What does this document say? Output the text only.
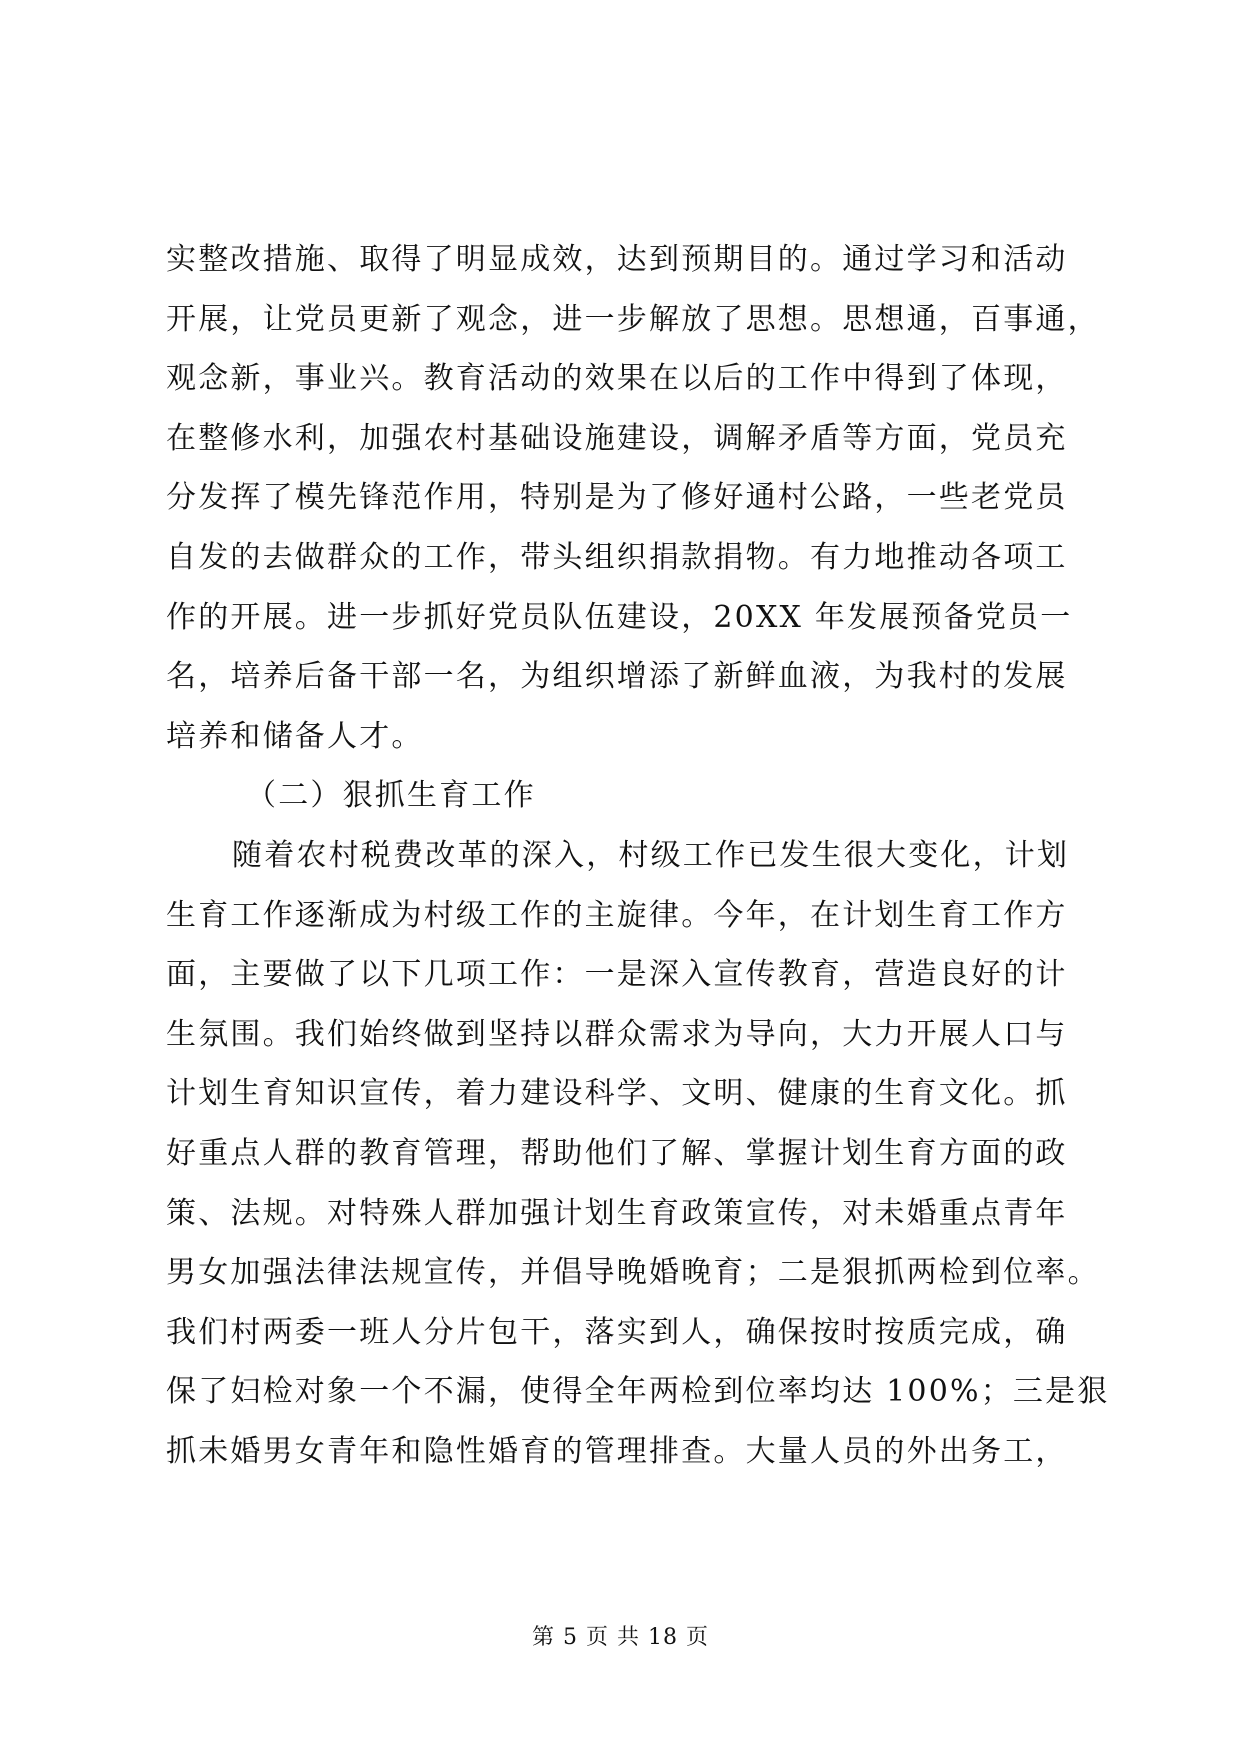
实整改措施、取得了明显成效，达到预期目的。通过学习和活动
开展，让党员更新了观念，进一步解放了思想。思想通，百事通，
观念新，事业兴。教育活动的效果在以后的工作中得到了体现，
在整修水利，加强农村基础设施建设，调解矛盾等方面，党员充
分发挥了模先锋范作用，特别是为了修好通村公路，一些老党员
自发的去做群众的工作，带头组织捐款捐物。有力地推动各项工
作的开展。进一步抓好党员队伍建设，20XX 年发展预备党员一
名，培养后备干部一名，为组织增添了新鲜血液，为我村的发展
培养和储备人才。
（二）狠抓生育工作
随着农村税费改革的深入，村级工作已发生很大变化，计划
生育工作逐渐成为村级工作的主旋律。今年，在计划生育工作方
面，主要做了以下几项工作：一是深入宣传教育，营造良好的计
生氛围。我们始终做到坚持以群众需求为导向，大力开展人口与
计划生育知识宣传，着力建设科学、文明、健康的生育文化。抓
好重点人群的教育管理，帮助他们了解、掌握计划生育方面的政
策、法规。对特殊人群加强计划生育政策宣传，对未婚重点青年
男女加强法律法规宣传，并倡导晚婚晚育；二是狠抓两检到位率。
我们村两委一班人分片包干，落实到人，确保按时按质完成，确
保了妇检对象一个不漏，使得全年两检到位率均达 100%；三是狠
抓未婚男女青年和隐性婚育的管理排查。大量人员的外出务工，
第 5 页 共 18 页
